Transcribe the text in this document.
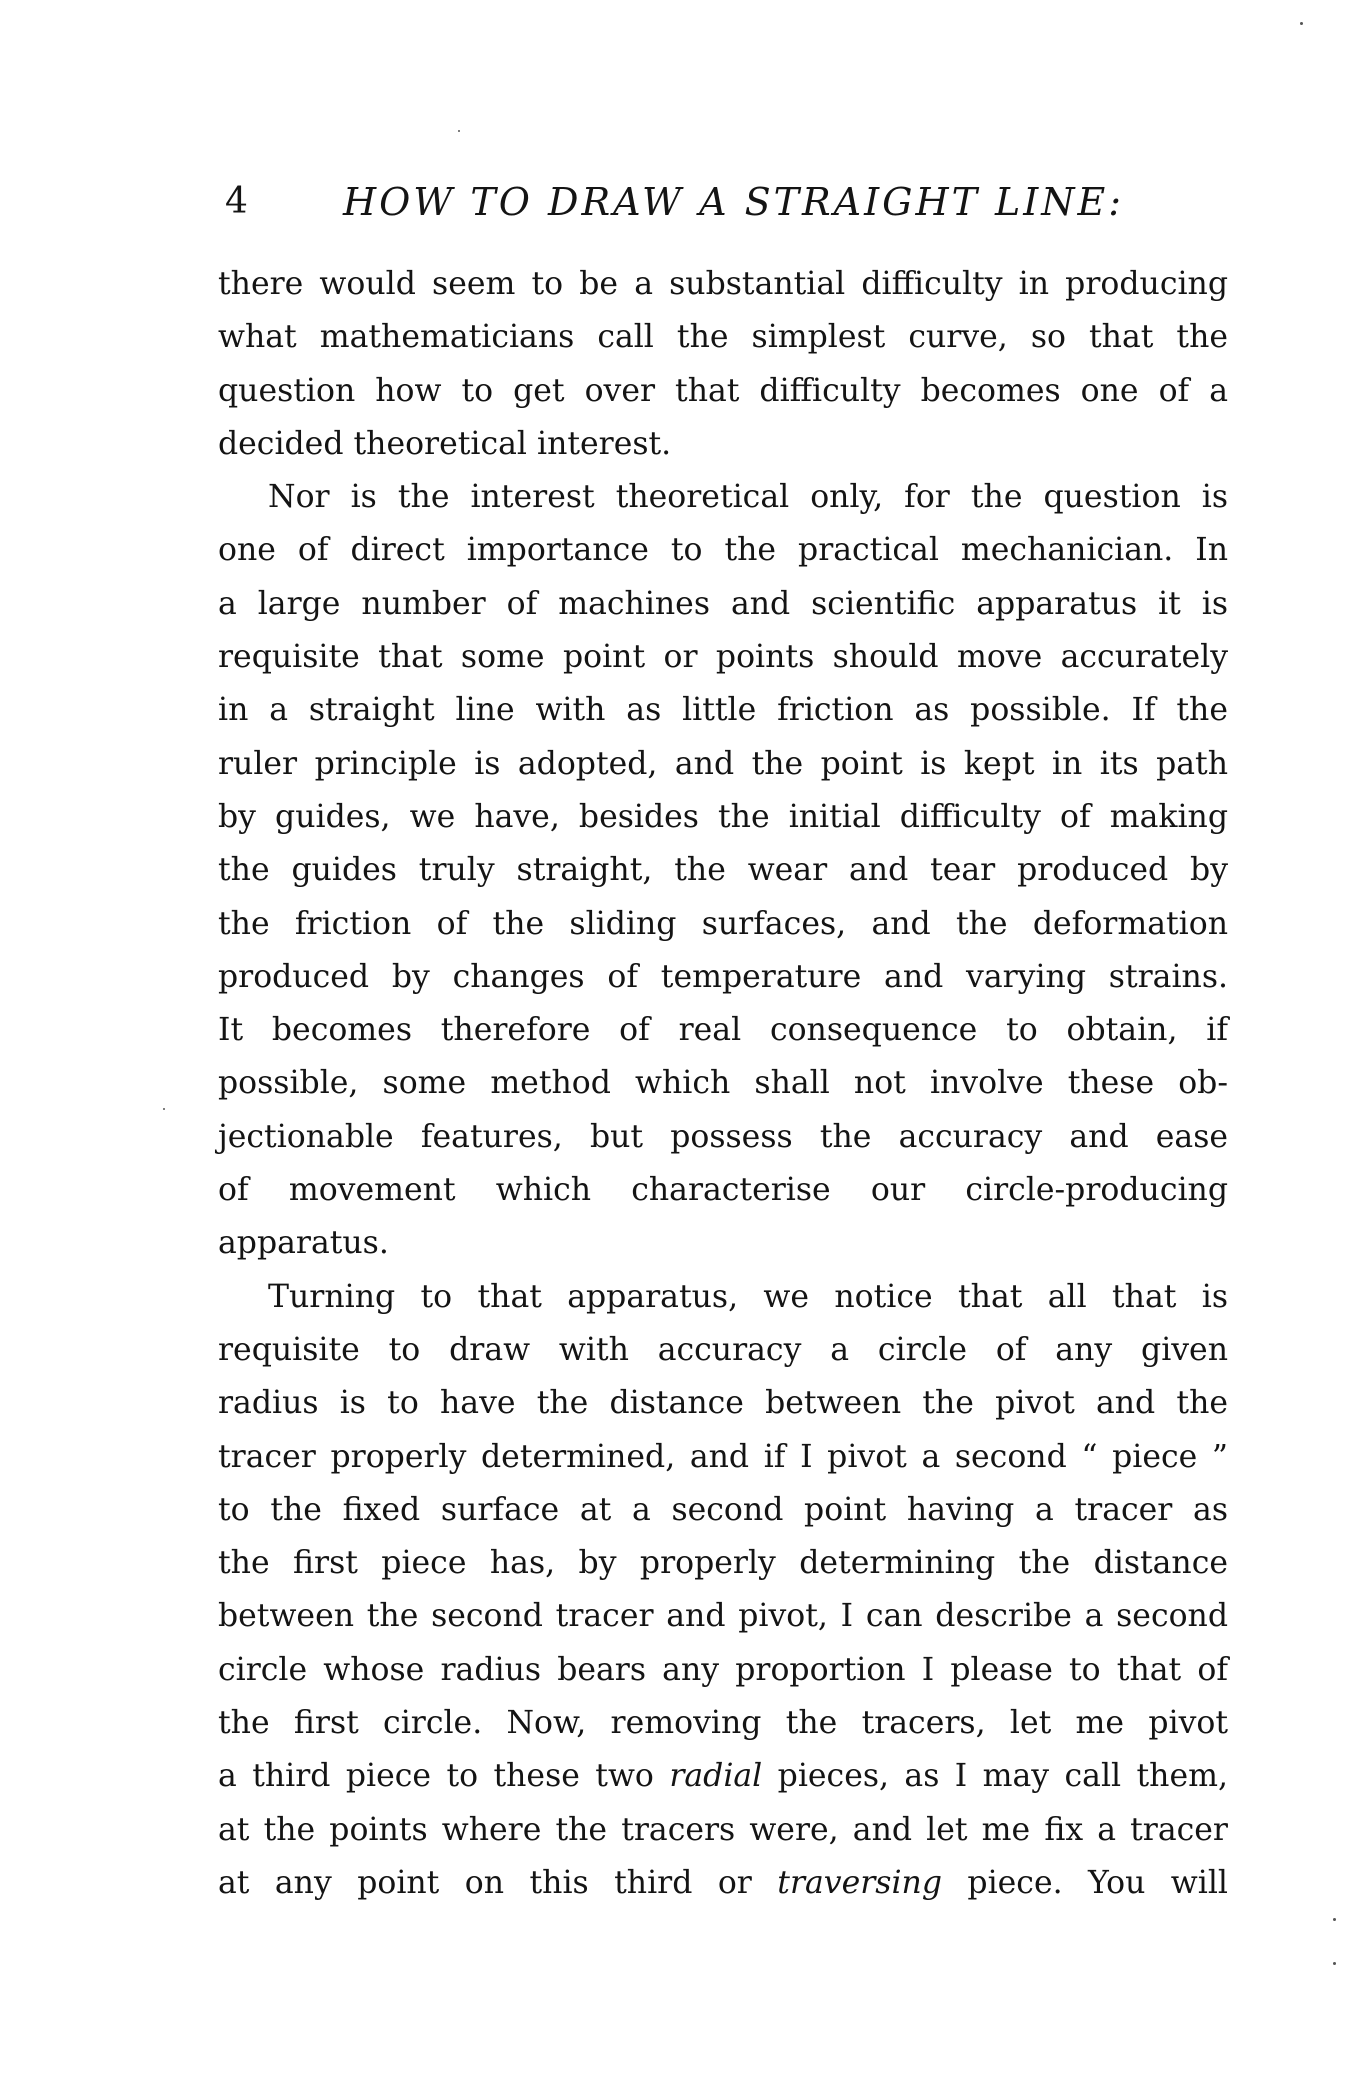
4	HOW TO DRAW A STRAIGHT LINE:
there would seem to be a substantial difficulty in producing
what mathematicians call the simplest curve, so that the
question how to get over that difficulty becomes one of a
decided theoretical interest.
Nor is the interest theoretical only, for the question is
one of direct importance to the practical mechanician. In
a large number of machines and scientific apparatus it is
requisite that some point or points should move accurately
in a straight line with as little friction as possible. If the
ruler principle is adopted, and the point is kept in its path
by guides, we have, besides the initial difficulty of making
the guides truly straight, the wear and tear produced by
the friction of the sliding surfaces, and the deformation
produced by changes of temperature and varying strains.
It becomes therefore of real consequence to obtain, if
possible, some method which shall not involve these ob-
jectionable features, but possess the accuracy and ease
of movement which characterise our circle-producing
apparatus.
Turning to that apparatus, we notice that all that is
requisite to draw with accuracy a circle of any given
radius is to have the distance between the pivot and the
tracer properly determined, and if I pivot a second “ piece ”
to the fixed surface at a second point having a tracer as
the first piece has, by properly determining the distance
between the second tracer and pivot, I can describe a second
circle whose radius bears any proportion I please to that of
the first circle. Now, removing the tracers, let me pivot
a third piece to these two radial pieces, as I may call them,
at the points where the tracers were, and let me fix a tracer
at any point on this third or traversing piece. You will
